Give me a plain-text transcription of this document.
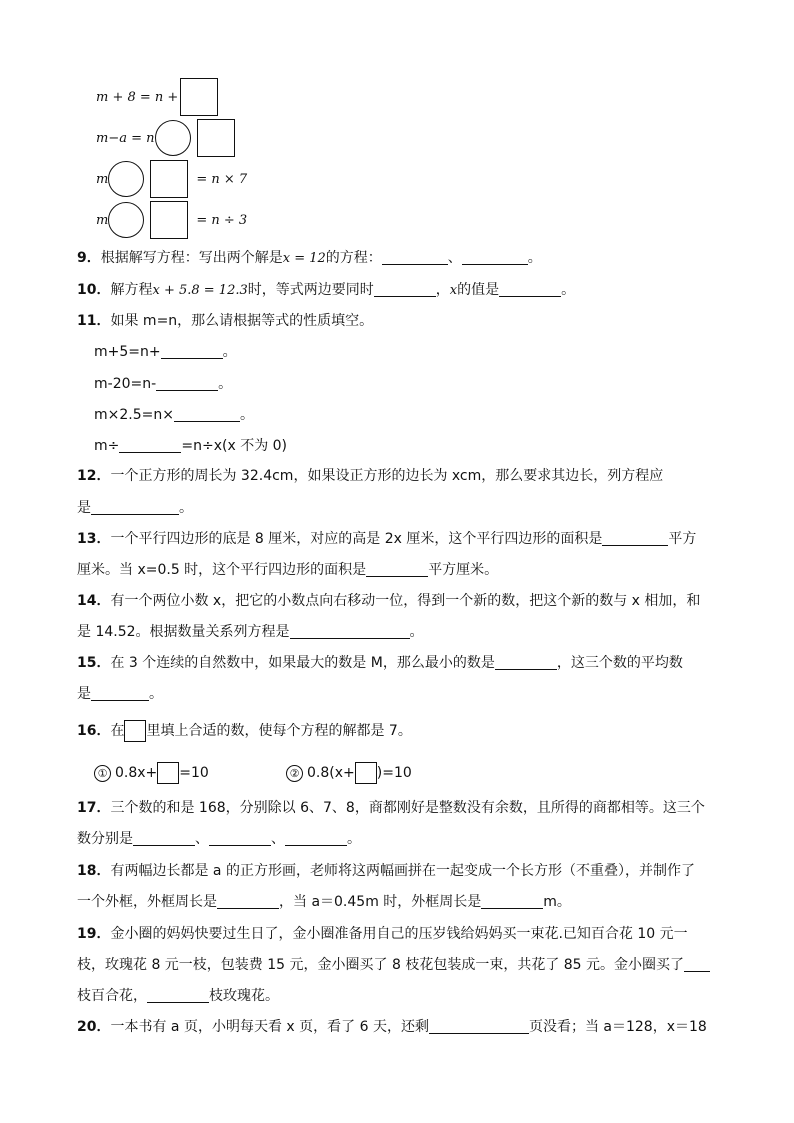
m + 8 = n +
m−a = n
m	= n × 7
m	= n ÷ 3
9．根据解写方程：写出两个解是x = 12的方程：	、	。
10．解方程x + 5.8 = 12.3时，等式两边要同时	，x的值是	。
11．如果 m=n，那么请根据等式的性质填空。
m+5=n+	。
m-20=n-	。
m×2.5=n×	。
m÷	=n÷x(x 不为 0)
12．一个正方形的周长为 32.4cm，如果设正方形的边长为 xcm，那么要求其边长，列方程应
是	。
13．一个平行四边形的底是 8 厘米，对应的高是 2x 厘米，这个平行四边形的面积是	平方
厘米。当 x=0.5 时，这个平行四边形的面积是	平方厘米。
14．有一个两位小数 x，把它的小数点向右移动一位，得到一个新的数，把这个新的数与 x 相加，和
是 14.52。根据数量关系列方程是	。
15．在 3 个连续的自然数中，如果最大的数是 M，那么最小的数是	，这三个数的平均数
是	。
16．在 里填上合适的数，使每个方程的解都是 7。
① 0.8x+ =10	② 0.8(x+ )=10
17．三个数的和是 168，分别除以 6、7、8，商都刚好是整数没有余数，且所得的商都相等。这三个
数分别是	、	、	。
18．有两幅边长都是 a 的正方形画，老师将这两幅画拼在一起变成一个长方形（不重叠），并制作了
一个外框，外框周长是	，当 a＝0.45m 时，外框周长是	m。
19．金小圈的妈妈快要过生日了，金小圈准备用自己的压岁钱给妈妈买一束花.已知百合花 10 元一
枝，玫瑰花 8 元一枝，包装费 15 元，金小圈买了 8 枝花包装成一束，共花了 85 元。金小圈买了
枝百合花，	枝玫瑰花。
20．一本书有 a 页，小明每天看 x 页，看了 6 天，还剩	页没看；当 a＝128，x＝18
